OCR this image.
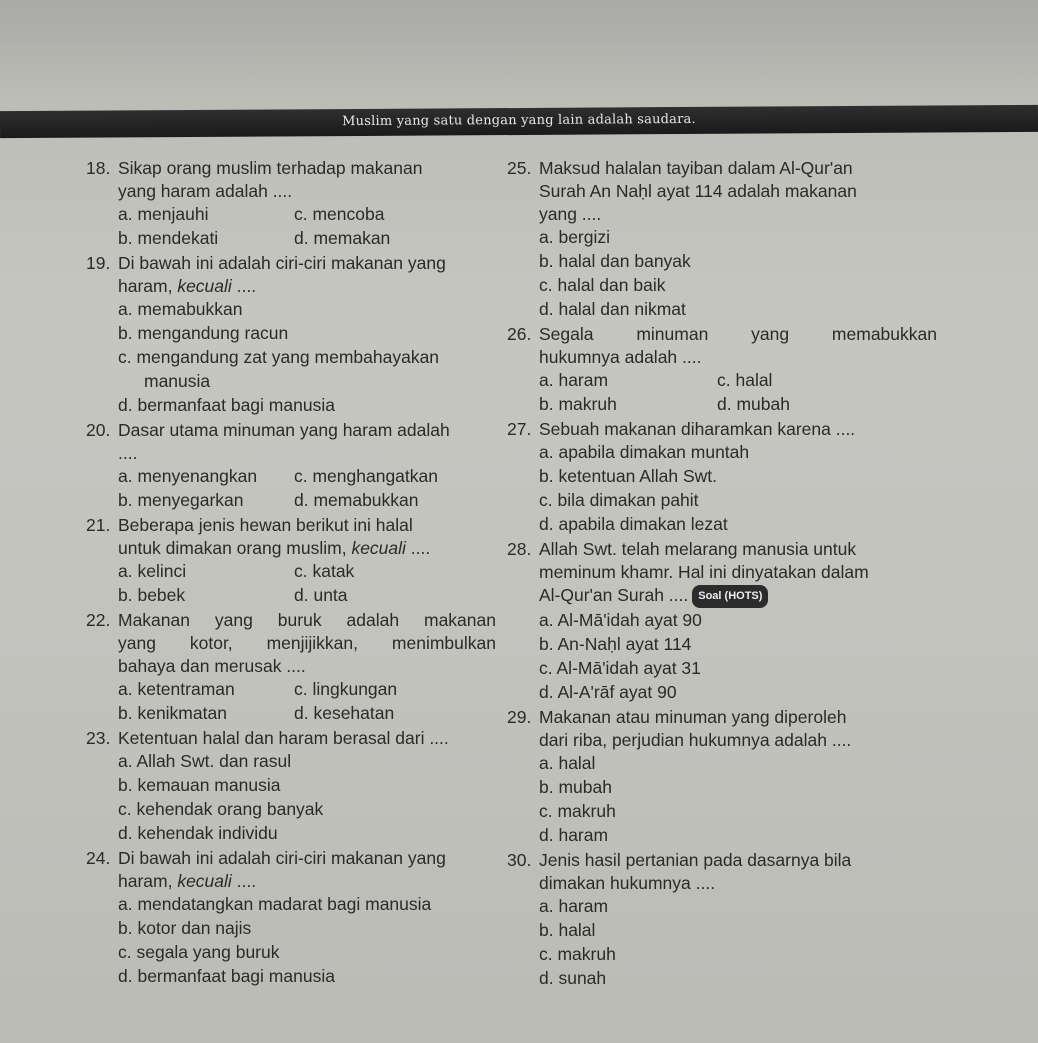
Muslim yang satu dengan yang lain adalah saudara.
18. Sikap orang muslim terhadap makanan
yang haram adalah ....
a. menjauhi	c. mencoba
b. mendekati	d. memakan
19. Di bawah ini adalah ciri-ciri makanan yang
haram, kecuali ....
a. memabukkan
b. mengandung racun
c. mengandung zat yang membahayakan
manusia
d. bermanfaat bagi manusia
20. Dasar utama minuman yang haram adalah
....
a. menyenangkan	c. menghangatkan
b. menyegarkan	d. memabukkan
21. Beberapa jenis hewan berikut ini halal
untuk dimakan orang muslim, kecuali ....
a. kelinci	c. katak
b. bebek	d. unta
22. Makanan yang buruk adalah makanan
yang kotor, menjijikkan, menimbulkan
bahaya dan merusak ....
a. ketentraman	c. lingkungan
b. kenikmatan	d. kesehatan
23. Ketentuan halal dan haram berasal dari ....
a. Allah Swt. dan rasul
b. kemauan manusia
c. kehendak orang banyak
d. kehendak individu
24. Di bawah ini adalah ciri-ciri makanan yang
haram, kecuali ....
a. mendatangkan madarat bagi manusia
b. kotor dan najis
c. segala yang buruk
d. bermanfaat bagi manusia
25. Maksud halalan tayiban dalam Al-Qur'an
Surah An Naḥl ayat 114 adalah makanan
yang ....
a. bergizi
b. halal dan banyak
c. halal dan baik
d. halal dan nikmat
26. Segala minuman yang memabukkan
hukumnya adalah ....
a. haram	c. halal
b. makruh	d. mubah
27. Sebuah makanan diharamkan karena ....
a. apabila dimakan muntah
b. ketentuan Allah Swt.
c. bila dimakan pahit
d. apabila dimakan lezat
28. Allah Swt. telah melarang manusia untuk
meminum khamr. Hal ini dinyatakan dalam
Al-Qur'an Surah .... Soal (HOTS)
a. Al-Mā'idah ayat 90
b. An-Naḥl ayat 114
c. Al-Mā'idah ayat 31
d. Al-A'rāf ayat 90
29. Makanan atau minuman yang diperoleh
dari riba, perjudian hukumnya adalah ....
a. halal
b. mubah
c. makruh
d. haram
30. Jenis hasil pertanian pada dasarnya bila
dimakan hukumnya ....
a. haram
b. halal
c. makruh
d. sunah
